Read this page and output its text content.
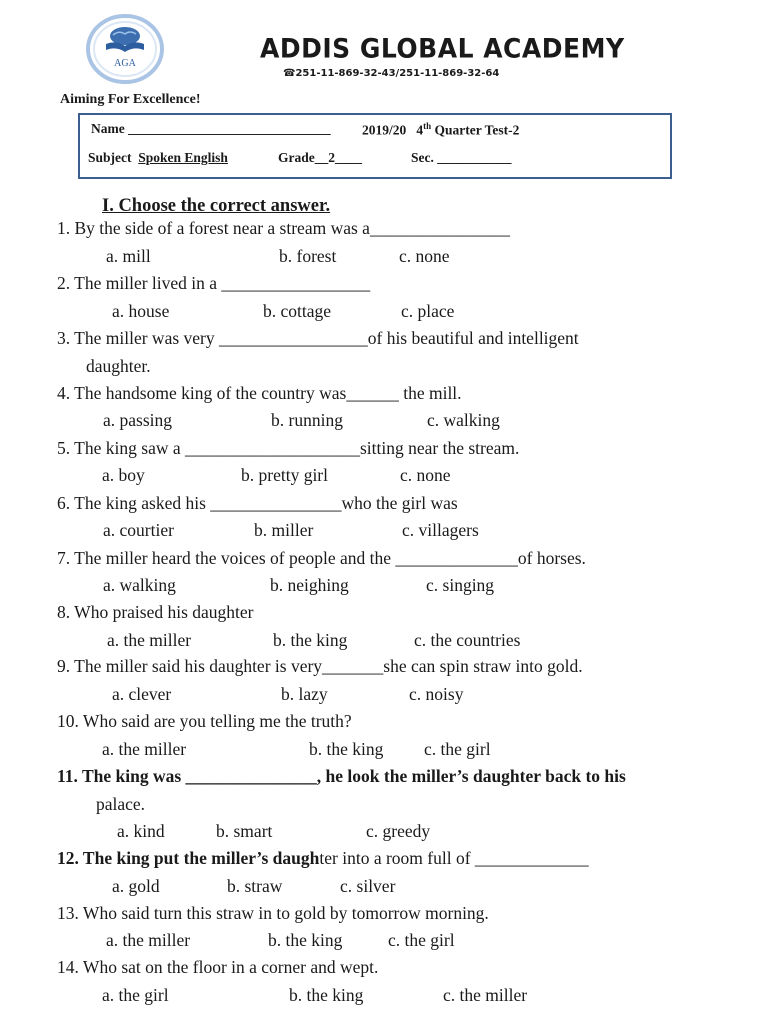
AGA	ADDIS GLOBAL ACADEMY
☎251-11-869-32-43/251-11-869-32-64
Aiming For Excellence!
Name ______________________________ 2019/20 4th Quarter Test-2
Subject Spoken English	Grade__2____	Sec. ___________
I. Choose the correct answer.
1. By the side of a forest near a stream was a________________
a. mill	b. forest	c. none
2. The miller lived in a _________________
a. house	b. cottage	c. place
3. The miller was very _________________of his beautiful and intelligent
daughter.
4. The handsome king of the country was______ the mill.
a. passing	b. running	c. walking
5. The king saw a ____________________sitting near the stream.
a. boy	b. pretty girl	c. none
6. The king asked his _______________who the girl was
a. courtier	b. miller	c. villagers
7. The miller heard the voices of people and the ______________of horses.
a. walking	b. neighing	c. singing
8. Who praised his daughter
a. the miller	b. the king	c. the countries
9. The miller said his daughter is very_______she can spin straw into gold.
a. clever	b. lazy	c. noisy
10. Who said are you telling me the truth?
a. the miller	b. the king c. the girl
11. The king was _______________, he look the miller’s daughter back to his
palace.
a. kind	b. smart	c. greedy
12. The king put the miller’s daughter into a room full of _____________
a. gold	b. straw	c. silver
13. Who said turn this straw in to gold by tomorrow morning.
a. the miller	b. the king	c. the girl
14. Who sat on the floor in a corner and wept.
a. the girl	b. the king	c. the miller
